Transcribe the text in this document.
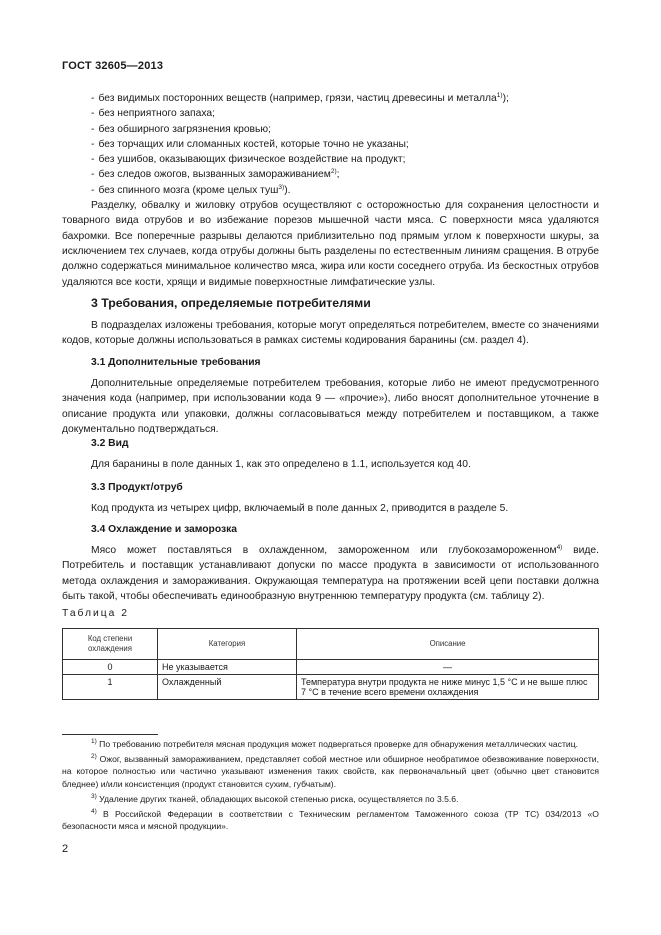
ГОСТ 32605—2013
- без видимых посторонних веществ (например, грязи, частиц древесины и металла$^{1)}$);
- без неприятного запаха;
- без обширного загрязнения кровью;
- без торчащих или сломанных костей, которые точно не указаны;
- без ушибов, оказывающих физическое воздействие на продукт;
- без следов ожогов, вызванных замораживанием$^{2)}$;
- без спинного мозга (кроме целых туш$^{3)}$).

Разделку, обвалку и жиловку отрубов осуществляют с осторожностью для сохранения целостности и товарного вида отрубов и во избежание порезов мышечной части мяса. С поверхности мяса удаляются бахромки. Все поперечные разрывы делаются приблизительно под прямым углом к поверхности шкуры, за исключением тех случаев, когда отрубы должны быть разделены по естественным линиям сращения. В отрубе должно содержаться минимальное количество мяса, жира или кости соседнего отруба. Из бескостных отрубов удаляются все кости, хрящи и видимые поверхностные лимфатические узлы.

3 Требования, определяемые потребителями

В подразделах изложены требования, которые могут определяться потребителем, вместе со значениями кодов, которые должны использоваться в рамках системы кодирования баранины (см. раздел 4).

3.1 Дополнительные требования

Дополнительные определяемые потребителем требования, которые либо не имеют предусмотренного значения кода (например, при использовании кода 9 — «прочие»), либо вносят дополнительное уточнение в описание продукта или упаковки, должны согласовываться между потребителем и поставщиком, а также документально подтверждаться.

3.2 Вид

Для баранины в поле данных 1, как это определено в 1.1, используется код 40.

3.3 Продукт/отруб

Код продукта из четырех цифр, включаемый в поле данных 2, приводится в разделе 5.

3.4 Охлаждение и заморозка

Мясо может поставляться в охлажденном, замороженном или глубокозамороженном$^{4)}$ виде. Потребитель и поставщик устанавливают допуски по массе продукта в зависимости от использованного метода охлаждения и замораживания. Окружающая температура на протяжении всей цепи поставки должна быть такой, чтобы обеспечивать единообразную внутреннюю температуру продукта (см. таблицу 2).

Таблица 2
Код степени охлаждения	Категория	Описание
0	Не указывается	—
1	Охлажденный	Температура внутри продукта не ниже минус 1,5 °С и не выше плюс 7 °С в течение всего времени охлаждения

$^{1)}$ По требованию потребителя мясная продукция может подвергаться проверке для обнаружения металлических частиц.

$^{2)}$ Ожог, вызванный замораживанием, представляет собой местное или обширное необратимое обезвоживание поверхности, на которое полностью или частично указывают изменения таких свойств, как первоначальный цвет (обычно цвет становится бледнее) и/или консистенция (продукт становится сухим, губчатым).

$^{3)}$ Удаление других тканей, обладающих высокой степенью риска, осуществляется по 3.5.6.

$^{4)}$ В Российской Федерации в соответствии с Техническим регламентом Таможенного союза (ТР ТС) 034/2013 «О безопасности мяса и мясной продукции».

2
